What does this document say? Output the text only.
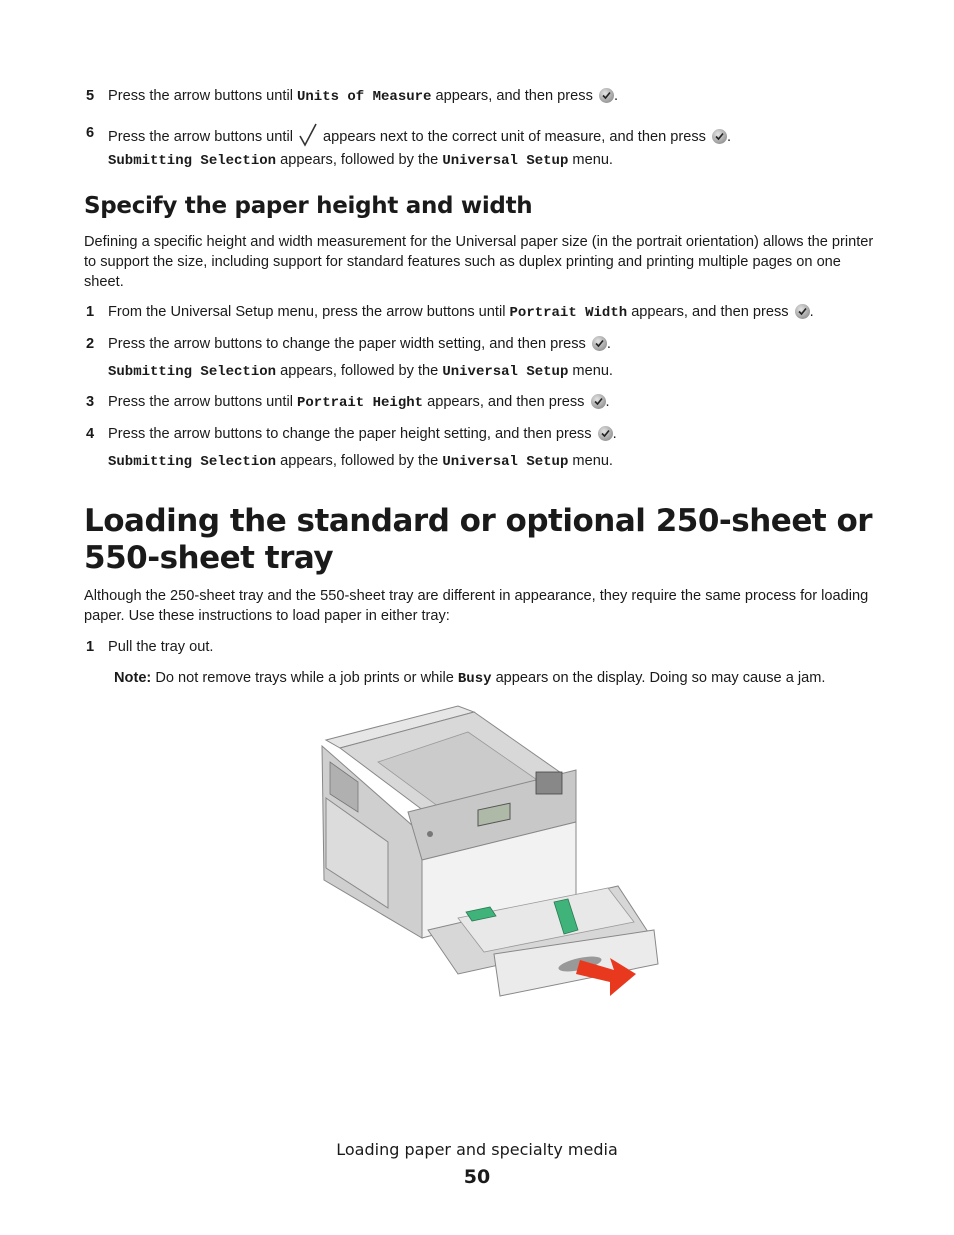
5 Press the arrow buttons until Units of Measure appears, and then press
.
6 Press the arrow buttons until  appears next to the correct unit of measure, and then press
.
Submitting Selection appears, followed by the Universal Setup menu.
Specify the paper height and width
Defining a specific height and width measurement for the Universal paper size (in the portrait orientation) allows the printer to support the size, including support for standard features such as duplex printing and printing multiple pages on one sheet.
1 From the Universal Setup menu, press the arrow buttons until Portrait Width appears, and then press
.
2 Press the arrow buttons to change the paper width setting, and then press
.
Submitting Selection appears, followed by the Universal Setup menu.
3 Press the arrow buttons until Portrait Height appears, and then press
.
4 Press the arrow buttons to change the paper height setting, and then press
.
Submitting Selection appears, followed by the Universal Setup menu.
Loading the standard or optional 250-sheet or 550-sheet tray
Although the 250-sheet tray and the 550-sheet tray are different in appearance, they require the same process for loading paper. Use these instructions to load paper in either tray:
1 Pull the tray out.
Note: Do not remove trays while a job prints or while Busy appears on the display. Doing so may cause a jam.
Loading paper and specialty media
50
